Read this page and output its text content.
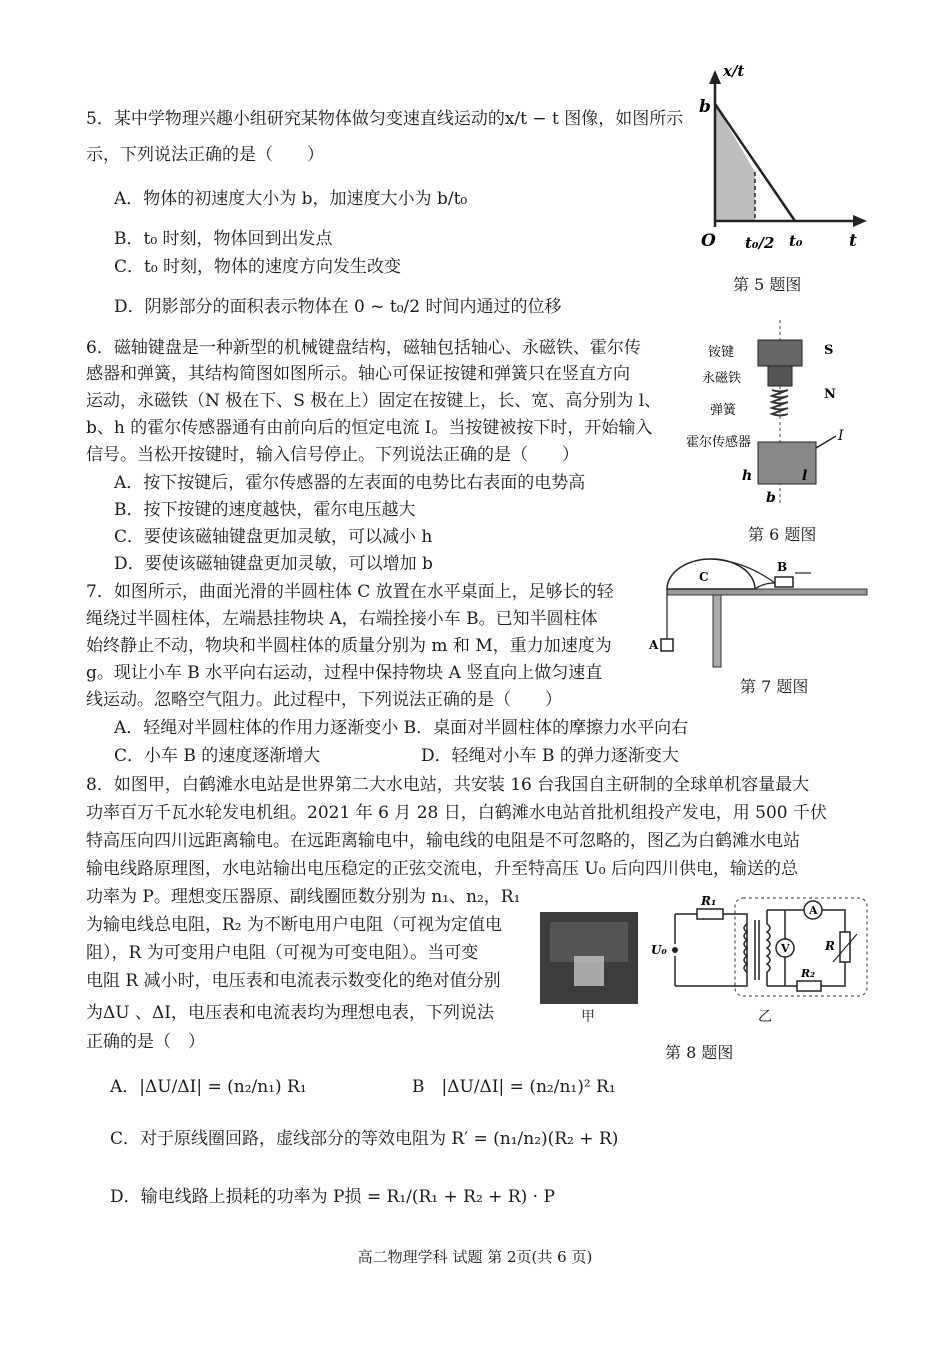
5．某中学物理兴趣小组研究某物体做匀变速直线运动的x/t − t 图像，如图所示
示，下列说法正确的是（　　）
A．物体的初速度大小为 b，加速度大小为 b/t₀
B．t₀ 时刻，物体回到出发点
C．t₀ 时刻，物体的速度方向发生改变
D．阴影部分的面积表示物体在 0 ~ t₀/2 时间内通过的位移
x/t
b
O t₀/2 t₀	t
第 5 题图
6．磁轴键盘是一种新型的机械键盘结构，磁轴包括轴心、永磁铁、霍尔传
感器和弹簧，其结构简图如图所示。轴心可保证按键和弹簧只在竖直方向
运动，永磁铁（N 极在下、S 极在上）固定在按键上，长、宽、高分别为 l、
b、h 的霍尔传感器通有由前向后的恒定电流 I。当按键被按下时，开始输入
信号。当松开按键时，输入信号停止。下列说法正确的是（　　）
A．按下按键后，霍尔传感器的左表面的电势比右表面的电势高
B．按下按键的速度越快，霍尔电压越大
C．要使该磁轴键盘更加灵敏，可以减小 h
D．要使该磁轴键盘更加灵敏，可以增加 b
铵键
永磁铁
弹簧
霍尔传感器
S
N
I
h
b
l
第 6 题图
7．如图所示，曲面光滑的半圆柱体 C 放置在水平桌面上，足够长的轻
绳绕过半圆柱体，左端悬挂物块 A，右端拴接小车 B。已知半圆柱体
始终静止不动，物块和半圆柱体的质量分别为 m 和 M，重力加速度为
g。现让小车 B 水平向右运动，过程中保持物块 A 竖直向上做匀速直
线运动。忽略空气阻力。此过程中，下列说法正确的是（　　）
A．轻绳对半圆柱体的作用力逐渐变小 B．桌面对半圆柱体的摩擦力水平向右
C．小车 B 的速度逐渐增大	D．轻绳对小车 B 的弹力逐渐变大
C
A
B
第 7 题图
8．如图甲，白鹤滩水电站是世界第二大水电站，共安装 16 台我国自主研制的全球单机容量最大
功率百万千瓦水轮发电机组。2021 年 6 月 28 日，白鹤滩水电站首批机组投产发电，用 500 千伏
特高压向四川远距离输电。在远距离输电中，输电线的电阻是不可忽略的，图乙为白鹤滩水电站
输电线路原理图，水电站输出电压稳定的正弦交流电，升至特高压 U₀ 后向四川供电，输送的总
功率为 P。理想变压器原、副线圈匝数分别为 n₁、n₂，R₁
为输电线总电阻，R₂ 为不断电用户电阻（可视为定值电
阻），R 为可变用户电阻（可视为可变电阻）。当可变
电阻 R 减小时，电压表和电流表示数变化的绝对值分别
为ΔU 、ΔI，电压表和电流表均为理想电表，下列说法
正确的是（　）
甲
R₁
U₀
A
V	R
R₂
乙
第 8 题图
A．|ΔU/ΔI| = (n₂/n₁) R₁	B　|ΔU/ΔI| = (n₂/n₁)² R₁
C．对于原线圈回路，虚线部分的等效电阻为 R′ = (n₁/n₂)(R₂ + R)
D．输电线路上损耗的功率为 P损 = R₁/(R₁ + R₂ + R) · P
高二物理学科 试题 第 2页(共 6 页)
